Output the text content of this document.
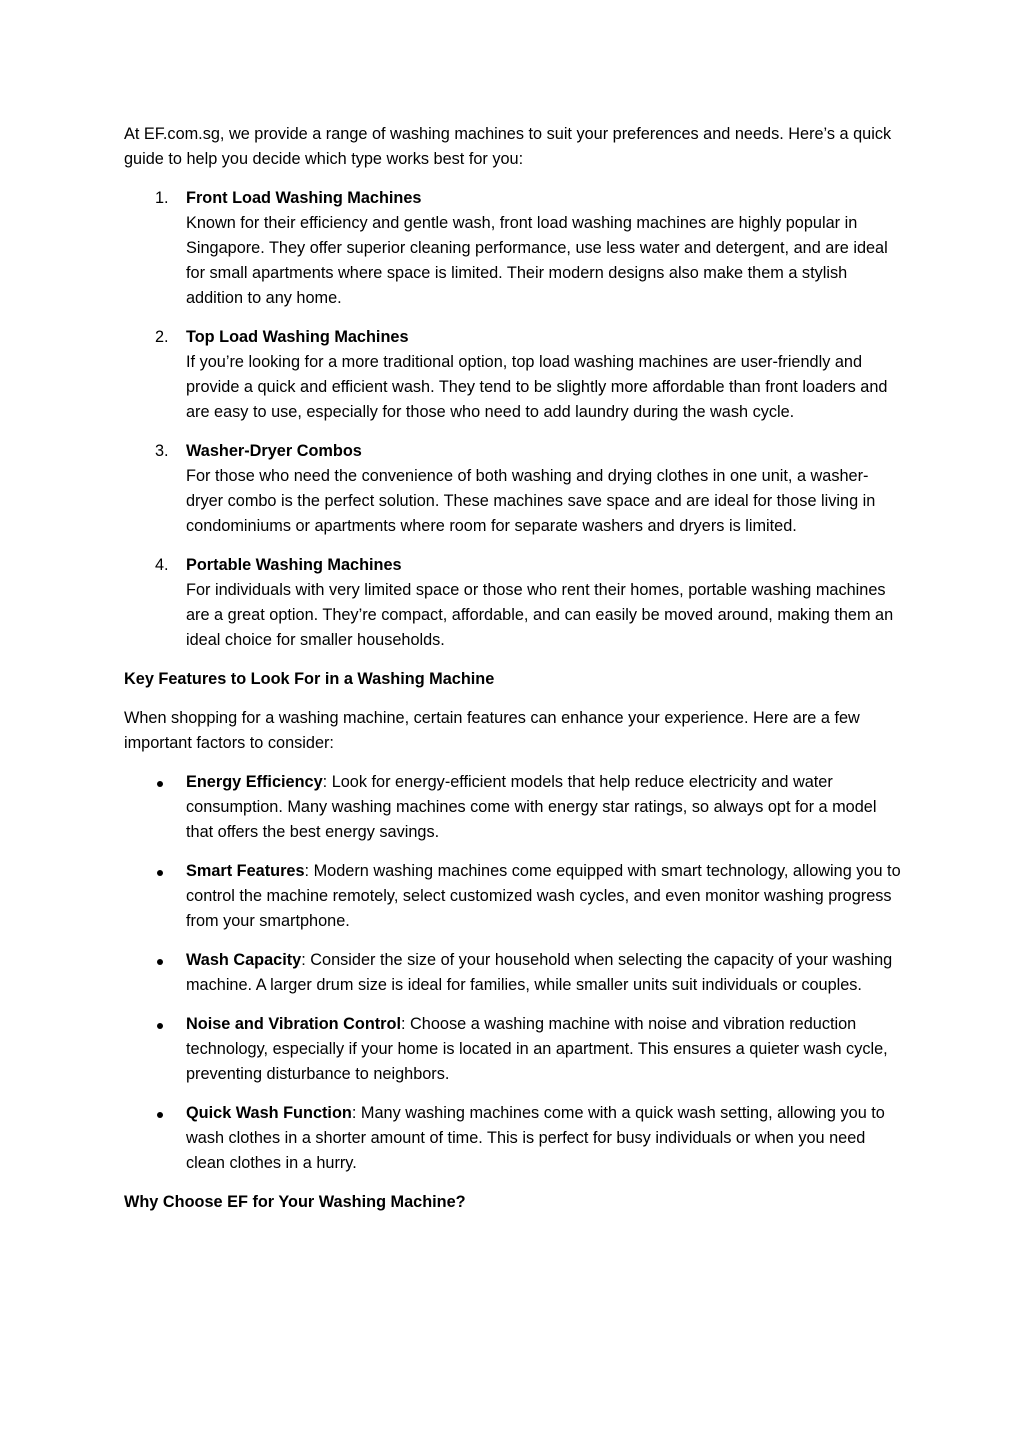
At EF.com.sg, we provide a range of washing machines to suit your preferences and needs. Here’s a quick guide to help you decide which type works best for you:

1. Front Load Washing Machines
Known for their efficiency and gentle wash, front load washing machines are highly popular in Singapore. They offer superior cleaning performance, use less water and detergent, and are ideal for small apartments where space is limited. Their modern designs also make them a stylish addition to any home.
2. Top Load Washing Machines
If you’re looking for a more traditional option, top load washing machines are user-friendly and provide a quick and efficient wash. They tend to be slightly more affordable than front loaders and are easy to use, especially for those who need to add laundry during the wash cycle.
3. Washer-Dryer Combos
For those who need the convenience of both washing and drying clothes in one unit, a washer-dryer combo is the perfect solution. These machines save space and are ideal for those living in condominiums or apartments where room for separate washers and dryers is limited.
4. Portable Washing Machines
For individuals with very limited space or those who rent their homes, portable washing machines are a great option. They’re compact, affordable, and can easily be moved around, making them an ideal choice for smaller households.

Key Features to Look For in a Washing Machine

When shopping for a washing machine, certain features can enhance your experience. Here are a few important factors to consider:

Energy Efficiency: Look for energy-efficient models that help reduce electricity and water consumption. Many washing machines come with energy star ratings, so always opt for a model that offers the best energy savings.
Smart Features: Modern washing machines come equipped with smart technology, allowing you to control the machine remotely, select customized wash cycles, and even monitor washing progress from your smartphone.
Wash Capacity: Consider the size of your household when selecting the capacity of your washing machine. A larger drum size is ideal for families, while smaller units suit individuals or couples.
Noise and Vibration Control: Choose a washing machine with noise and vibration reduction technology, especially if your home is located in an apartment. This ensures a quieter wash cycle, preventing disturbance to neighbors.
Quick Wash Function: Many washing machines come with a quick wash setting, allowing you to wash clothes in a shorter amount of time. This is perfect for busy individuals or when you need clean clothes in a hurry.

Why Choose EF for Your Washing Machine?
